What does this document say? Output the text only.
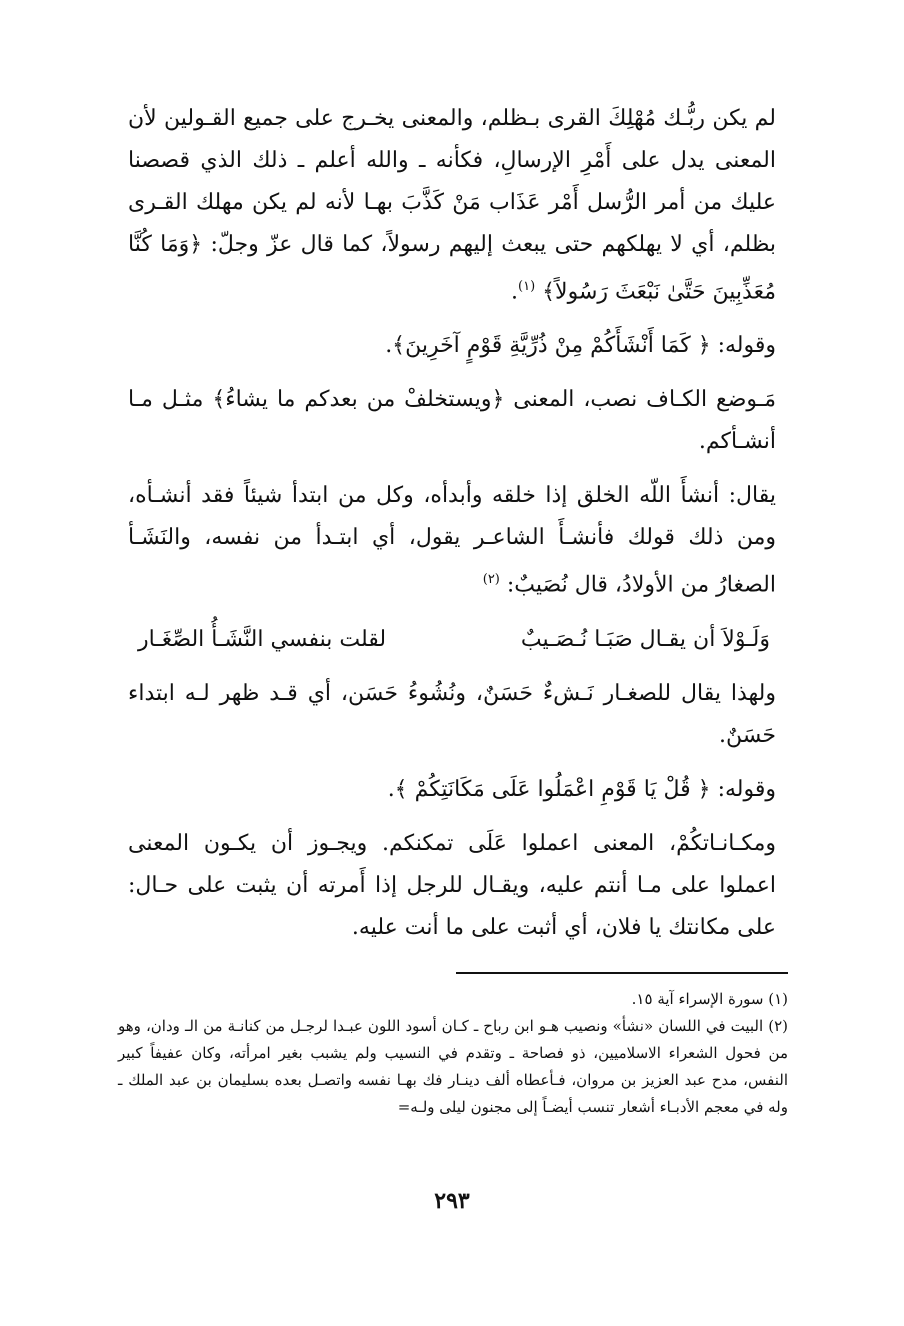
لم يكن ربُّـك مُهْلِكَ القرى بـظلم، والمعنى يخـرج على جميع القـولين لأن المعنى يدل على أَمْرِ الإرسالِ، فكأنه ـ والله أعلم ـ ذلك الذي قصصنا عليك من أمر الرُّسل أَمْر عَذَاب مَنْ كَذَّبَ بهـا لأنه لم يكن مهلك القـرى بظلم، أي لا يهلكهم حتى يبعث إليهم رسولاً، كما قال عزّ وجلّ: ﴿وَمَا كُنَّا مُعَذِّبِينَ حَتَّىٰ نَبْعَثَ رَسُولاً﴾ $^{(١)}$.

وقوله: ﴿ كَمَا أَنْشَأَكُمْ مِنْ ذُرِّيَّةِ قَوْمٍ آخَرِينَ﴾.

مَـوضع الكـاف نصب، المعنى ﴿ويستخلفْ من بعدكم ما يشاءُ﴾ مثـل مـا أنشـأكم.

يقال: أنشأَ اللّه الخلق إذا خلقه وأبدأه، وكل من ابتدأ شيئاً فقد أنشـأه، ومن ذلك قولك فأنشـأَ الشاعـر يقول، أي ابتـدأ من نفسه، والنَشَـأ الصغارُ من الأولادُ، قال نُصَيبٌ: $^{(٢)}$

وَلَـوْلاَ أن يقـال صَبَـا نُـصَـيبٌ
لقلت بنفسي النَّشَـأُ الصِّغَـار

ولهذا يقال للصغـار نَـشءٌ حَسَنٌ، ونُشُوءُ حَسَن، أي قـد ظهر لـه ابتداء حَسَنٌ.

وقوله: ﴿ قُلْ يَا قَوْمِ اعْمَلُوا عَلَى مَكَانَتِكُمْ ﴾.

ومكـانـاتكُمْ، المعنى اعملوا عَلَى تمكنكم. ويجـوز أن يكـون المعنى اعملوا على مـا أنتم عليه، ويقـال للرجل إذا أَمرته أن يثبت على حـال: على مكانتك يا فلان، أي أثبت على ما أنت عليه.

(١) سورة الإسراء آية ١٥.

(٢) البيت في اللسان «نشأ» ونصيب هـو ابن رباح ـ كـان أسود اللون عبـدا لرجـل من كنانـة من الـ ودان، وهو من فحول الشعراء الاسلاميين، ذو فصاحة ـ وتقدم في النسيب ولم يشبب بغير امرأته، وكان عفيفاً كبير النفس، مدح عبد العزيز بن مروان، فـأعطاه ألف دينـار فك بهـا نفسه واتصـل بعده بسليمان بن عبد الملك ـ وله في معجم الأدبـاء أشعار تنسب أيضـاً إلى مجنون ليلى ولـه=

٢٩٣
